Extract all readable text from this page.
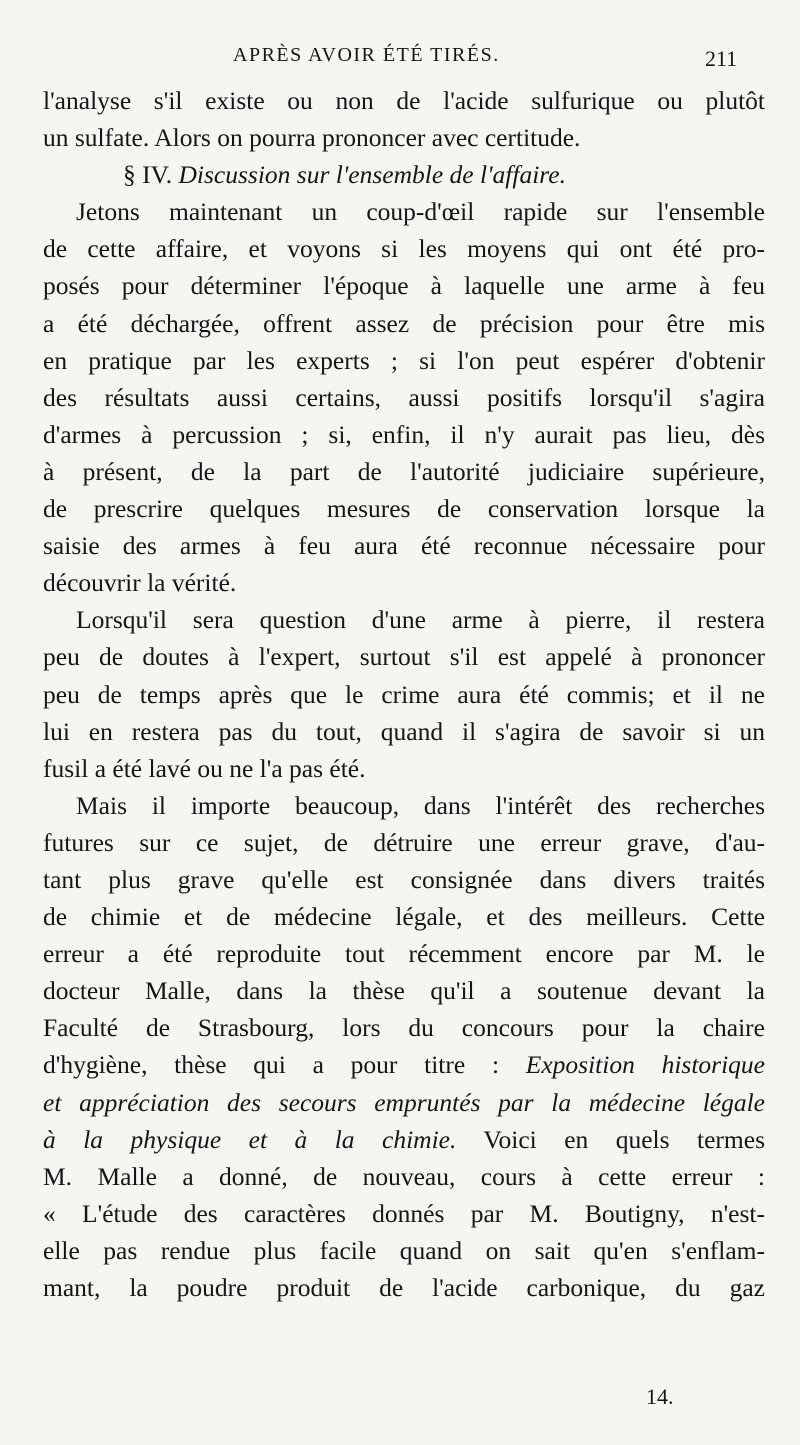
APRÈS AVOIR ÉTÉ TIRÉS.	211
l'analyse s'il existe ou non de l'acide sulfurique ou plutôt
un sulfate. Alors on pourra prononcer avec certitude.
§ IV. Discussion sur l'ensemble de l'affaire.
Jetons maintenant un coup-d'œil rapide sur l'ensemble
de cette affaire, et voyons si les moyens qui ont été pro-
posés pour déterminer l'époque à laquelle une arme à feu
a été déchargée, offrent assez de précision pour être mis
en pratique par les experts ; si l'on peut espérer d'obtenir
des résultats aussi certains, aussi positifs lorsqu'il s'agira
d'armes à percussion ; si, enfin, il n'y aurait pas lieu, dès
à présent, de la part de l'autorité judiciaire supérieure,
de prescrire quelques mesures de conservation lorsque la
saisie des armes à feu aura été reconnue nécessaire pour
découvrir la vérité.
Lorsqu'il sera question d'une arme à pierre, il restera
peu de doutes à l'expert, surtout s'il est appelé à prononcer
peu de temps après que le crime aura été commis; et il ne
lui en restera pas du tout, quand il s'agira de savoir si un
fusil a été lavé ou ne l'a pas été.
Mais il importe beaucoup, dans l'intérêt des recherches
futures sur ce sujet, de détruire une erreur grave, d'au-
tant plus grave qu'elle est consignée dans divers traités
de chimie et de médecine légale, et des meilleurs. Cette
erreur a été reproduite tout récemment encore par M. le
docteur Malle, dans la thèse qu'il a soutenue devant la
Faculté de Strasbourg, lors du concours pour la chaire
d'hygiène, thèse qui a pour titre : Exposition historique
et appréciation des secours empruntés par la médecine légale
à la physique et à la chimie. Voici en quels termes
M. Malle a donné, de nouveau, cours à cette erreur :
« L'étude des caractères donnés par M. Boutigny, n'est-
elle pas rendue plus facile quand on sait qu'en s'enflam-
mant, la poudre produit de l'acide carbonique, du gaz
14.
